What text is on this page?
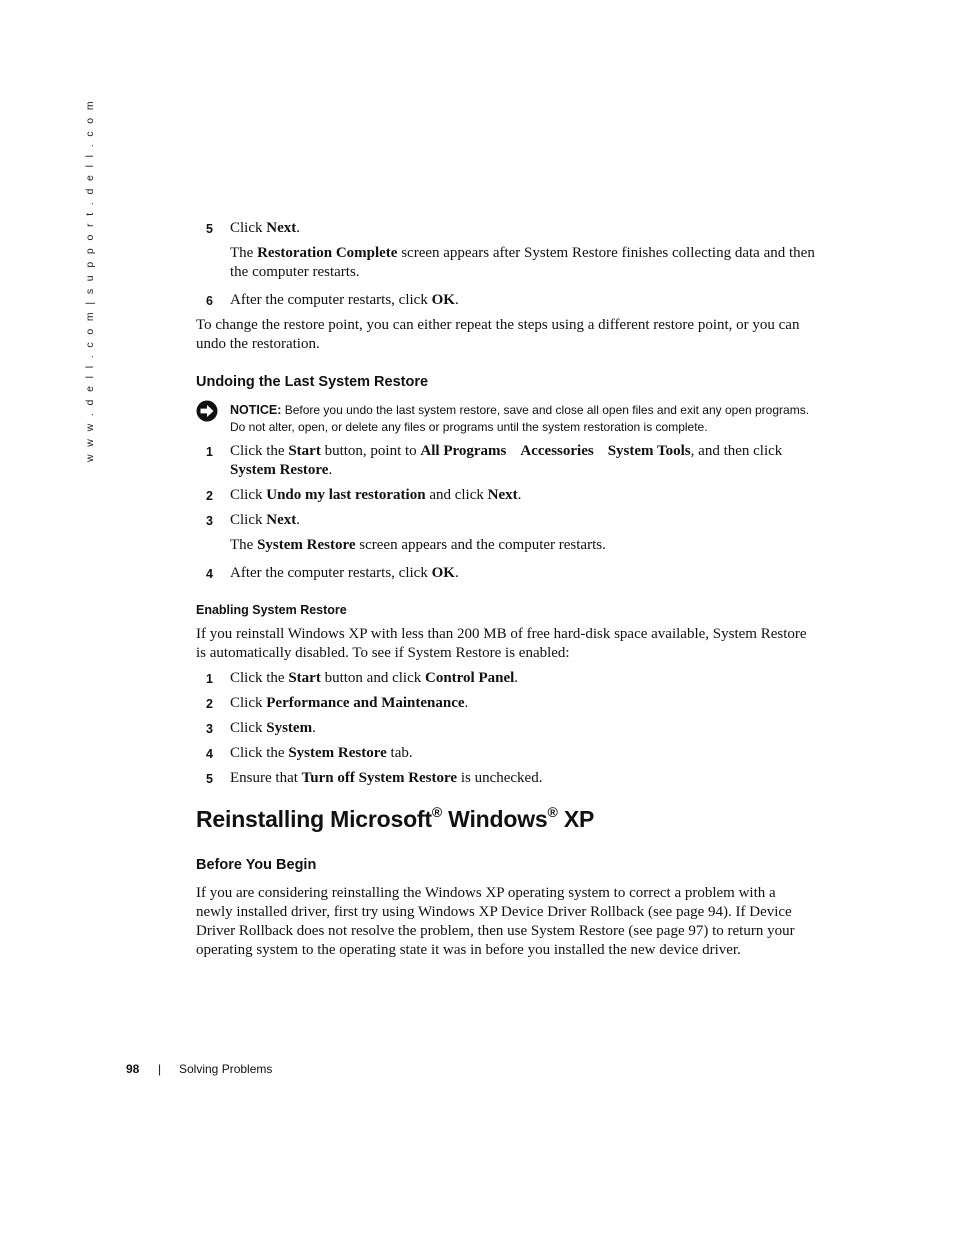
w w w . d e l l . c o m | s u p p o r t . d e l l . c o m	5 Click Next.
The Restoration Complete screen appears after System Restore finishes collecting data and then the computer restarts.
6 After the computer restarts, click OK.
To change the restore point, you can either repeat the steps using a different restore point, or you can undo the restoration.
Undoing the Last System Restore
NOTICE: Before you undo the last system restore, save and close all open files and exit any open programs. Do not alter, open, or delete any files or programs until the system restoration is complete.
1 Click the Start button, point to All Programs Accessories System Tools, and then click System Restore.
2 Click Undo my last restoration and click Next.
3 Click Next.
The System Restore screen appears and the computer restarts.
4 After the computer restarts, click OK.
Enabling System Restore
If you reinstall Windows XP with less than 200 MB of free hard-disk space available, System Restore is automatically disabled. To see if System Restore is enabled:
1 Click the Start button and click Control Panel.
2 Click Performance and Maintenance.
3 Click System.
4 Click the System Restore tab.
5 Ensure that Turn off System Restore is unchecked.
Reinstalling Microsoft® Windows® XP
Before You Begin
If you are considering reinstalling the Windows XP operating system to correct a problem with a newly installed driver, first try using Windows XP Device Driver Rollback (see page 94). If Device Driver Rollback does not resolve the problem, then use System Restore (see page 97) to return your operating system to the operating state it was in before you installed the new device driver.
98 | Solving Problems
